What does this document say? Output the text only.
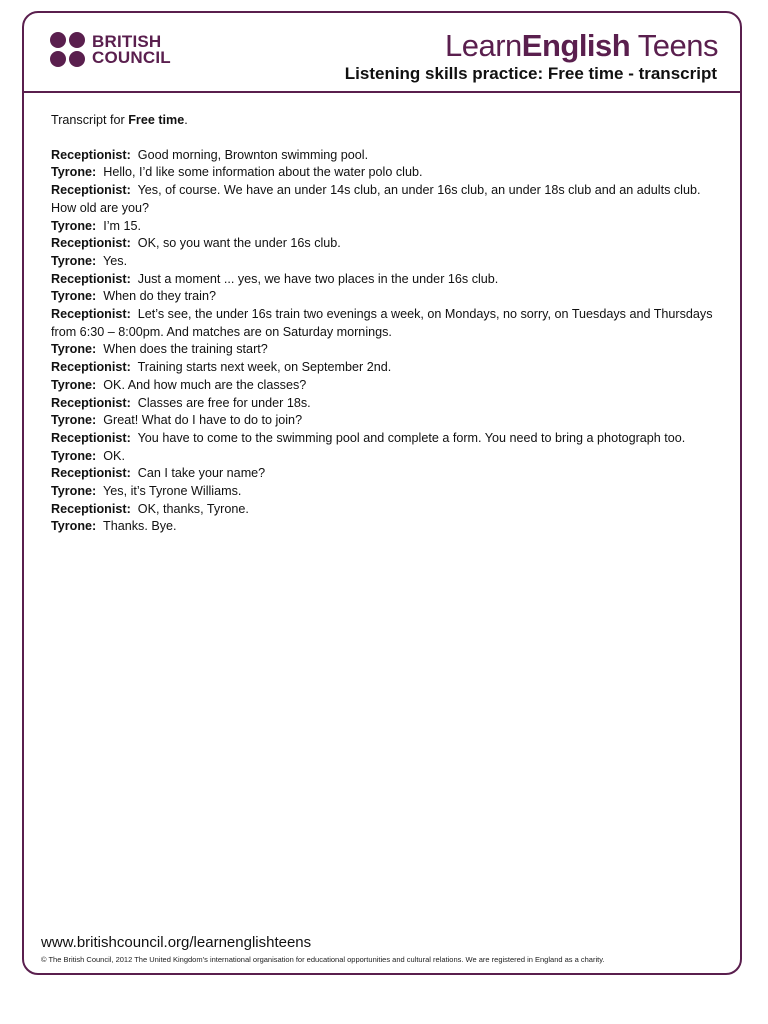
BRITISH
COUNCIL	LearnEnglish Teens
Listening skills practice: Free time - transcript

Transcript for Free time.

Receptionist: Good morning, Brownton swimming pool.

Tyrone: Hello, I’d like some information about the water polo club.

Receptionist: Yes, of course. We have an under 14s club, an under 16s club, an under 18s club and an adults club. How old are you?

Tyrone: I’m 15.

Receptionist: OK, so you want the under 16s club.

Tyrone: Yes.

Receptionist: Just a moment ... yes, we have two places in the under 16s club.

Tyrone: When do they train?

Receptionist: Let’s see, the under 16s train two evenings a week, on Mondays, no sorry, on Tuesdays and Thursdays from 6:30 – 8:00pm. And matches are on Saturday mornings.

Tyrone: When does the training start?

Receptionist: Training starts next week, on September 2nd.

Tyrone: OK. And how much are the classes?

Receptionist: Classes are free for under 18s.

Tyrone: Great! What do I have to do to join?

Receptionist: You have to come to the swimming pool and complete a form. You need to bring a photograph too.

Tyrone: OK.

Receptionist: Can I take your name?

Tyrone: Yes, it’s Tyrone Williams.

Receptionist: OK, thanks, Tyrone.

Tyrone: Thanks. Bye.

www.britishcouncil.org/learnenglishteens
© The British Council, 2012 The United Kingdom’s international organisation for educational opportunities and cultural relations. We are registered in England as a charity.
